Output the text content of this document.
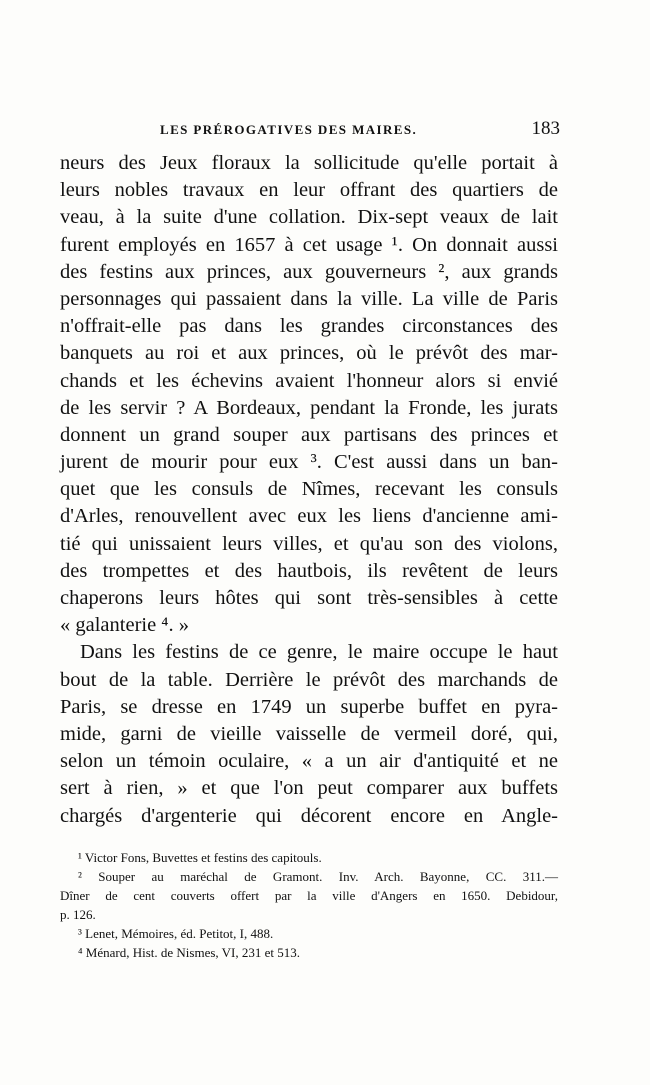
LES PRÉROGATIVES DES MAIRES.	183
neurs des Jeux floraux la sollicitude qu'elle portait à
leurs nobles travaux en leur offrant des quartiers de
veau, à la suite d'une collation. Dix-sept veaux de lait
furent employés en 1657 à cet usage ¹. On donnait aussi
des festins aux princes, aux gouverneurs ², aux grands
personnages qui passaient dans la ville. La ville de Paris
n'offrait-elle pas dans les grandes circonstances des
banquets au roi et aux princes, où le prévôt des mar-
chands et les échevins avaient l'honneur alors si envié
de les servir ? A Bordeaux, pendant la Fronde, les jurats
donnent un grand souper aux partisans des princes et
jurent de mourir pour eux ³. C'est aussi dans un ban-
quet que les consuls de Nîmes, recevant les consuls
d'Arles, renouvellent avec eux les liens d'ancienne ami-
tié qui unissaient leurs villes, et qu'au son des violons,
des trompettes et des hautbois, ils revêtent de leurs
chaperons leurs hôtes qui sont très-sensibles à cette
« galanterie ⁴. »
Dans les festins de ce genre, le maire occupe le haut
bout de la table. Derrière le prévôt des marchands de
Paris, se dresse en 1749 un superbe buffet en pyra-
mide, garni de vieille vaisselle de vermeil doré, qui,
selon un témoin oculaire, « a un air d'antiquité et ne
sert à rien, » et que l'on peut comparer aux buffets
chargés d'argenterie qui décorent encore en Angle-
¹ Victor Fons, Buvettes et festins des capitouls.
² Souper au maréchal de Gramont. Inv. Arch. Bayonne, CC. 311.—
Dîner de cent couverts offert par la ville d'Angers en 1650. Debidour,
p. 126.
³ Lenet, Mémoires, éd. Petitot, I, 488.
⁴ Ménard, Hist. de Nismes, VI, 231 et 513.
